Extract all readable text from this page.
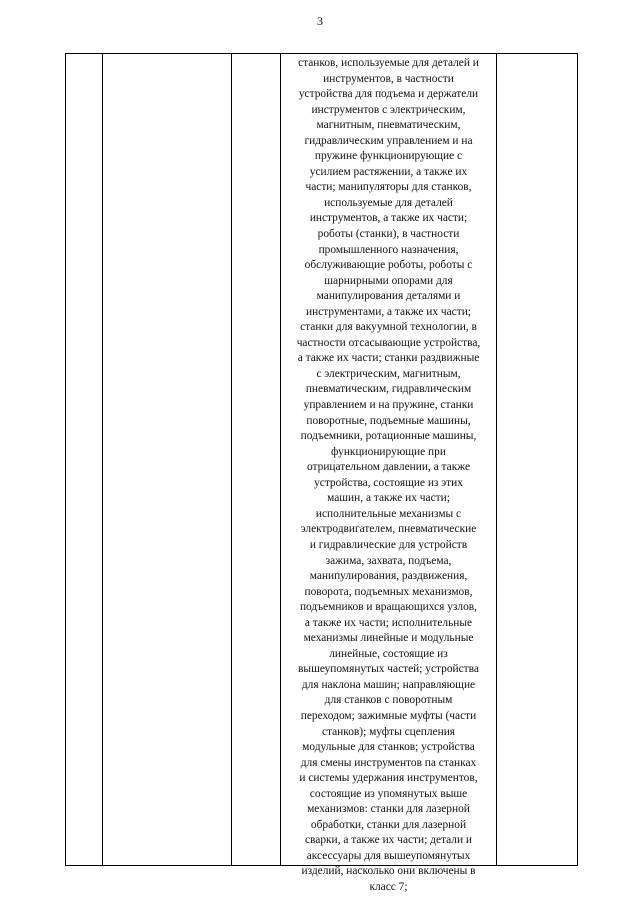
3
станков, используемые для деталей и
инструментов, в частности
устройства для подъема и держатели
инструментов с электрическим,
магнитным, пневматическим,
гидравлическим управлением и на
пружине функционирующие с
усилием растяжении, а также их
части; манипуляторы для станков,
используемые для деталей
инструментов, а также их части;
роботы (станки), в частности
промышленного назначения,
обслуживающие роботы, роботы с
шарнирными опорами для
манипулирования деталями и
инструментами, а также их части;
станки для вакуумной технологии, в
частности отсасывающие устройства,
а также их части; станки раздвижные
с электрическим, магнитным,
пневматическим, гидравлическим
управлением и на пружине, станки
поворотные, подъемные машины,
подъемники, ротационные машины,
функционирующие при
отрицательном давлении, а также
устройства, состоящие из этих
машин, а также их части;
исполнительные механизмы с
электродвигателем, пневматические
и гидравлические для устройств
зажима, захвата, подъема,
манипулирования, раздвижения,
поворота, подъемных механизмов,
подъемников и вращающихся узлов,
а также их части; исполнительные
механизмы линейные и модульные
линейные, состоящие из
вышеупомянутых частей; устройства
для наклона машин; направляющие
для станков с поворотным
переходом; зажимные муфты (части
станков); муфты сцепления
модульные для станков; устройства
для смены инструментов па станках
и системы удержания инструментов,
состоящие из упомянутых выше
механизмов: станки для лазерной
обработки, станки для лазерной
сварки, а также их части; детали и
аксессуары для вышеупомянутых
изделий, насколько они включены в
класс 7;
